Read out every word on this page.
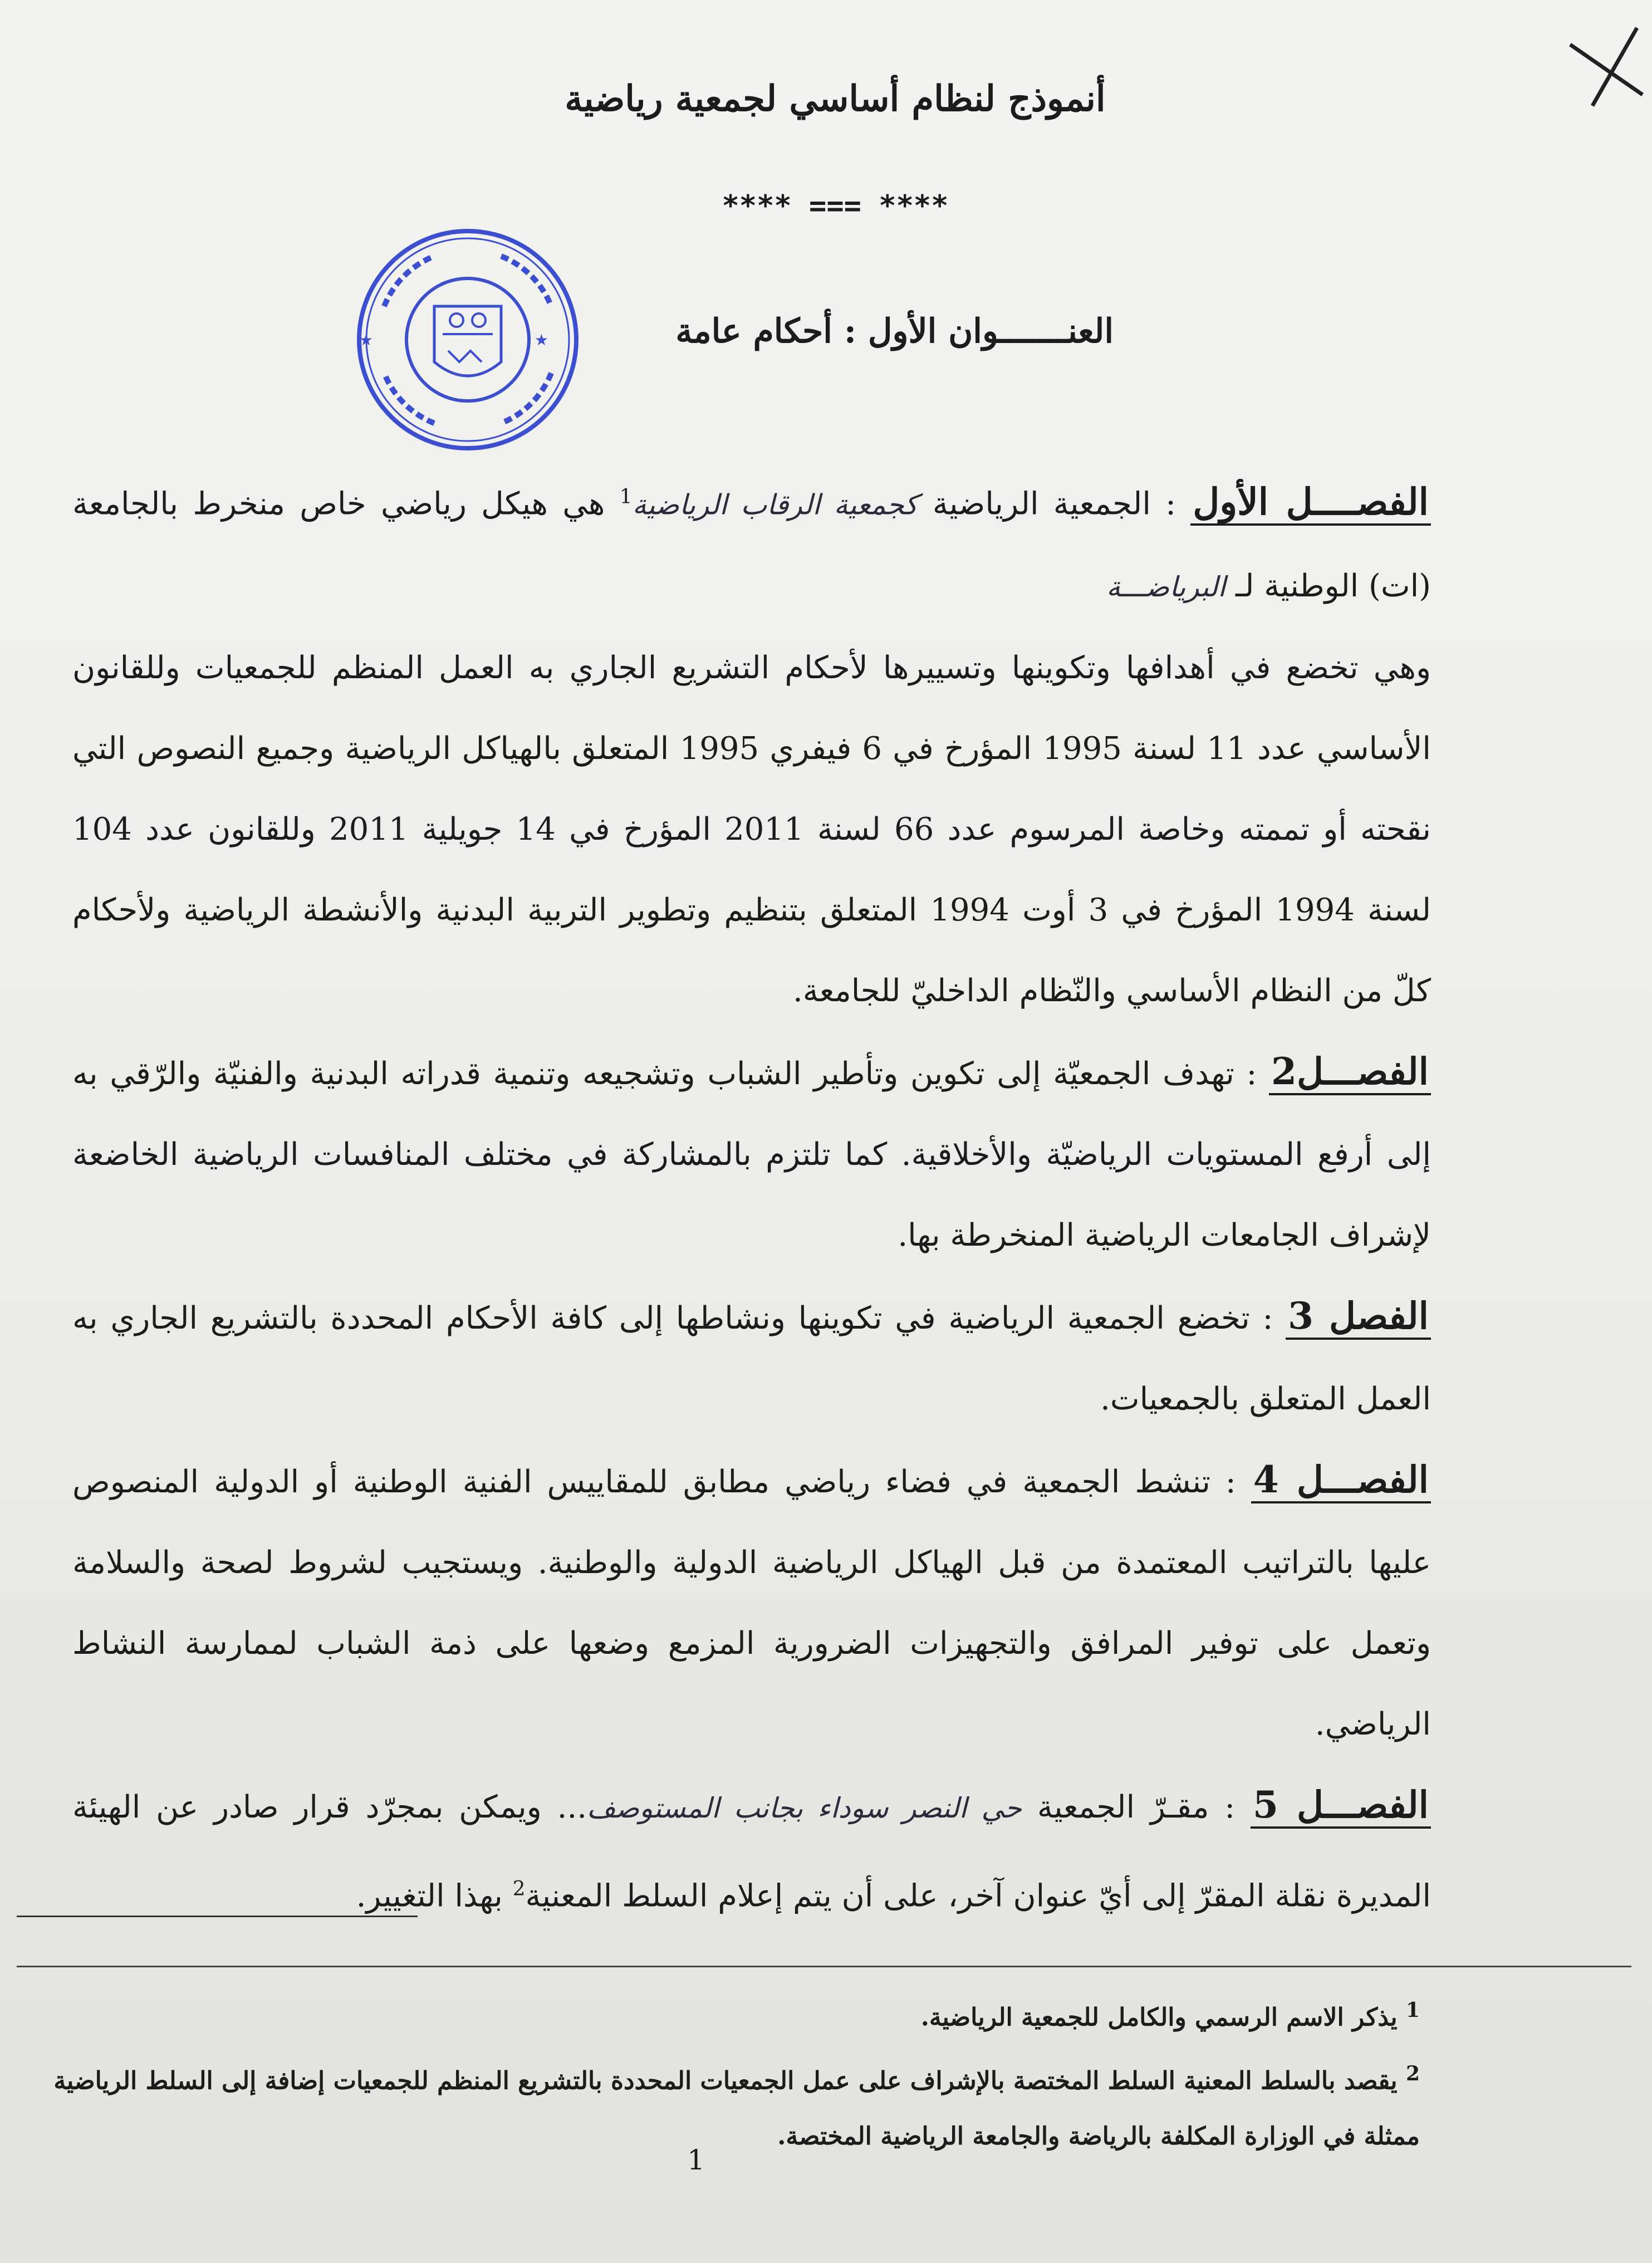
أنموذج لنظام أساسي لجمعية رياضية
**** === ****
★	★	العنـــــــوان الأول : أحكام عامة

الفصــــل الأول : الجمعية الرياضية كجمعية الرقاب الرياضية$^1$ هي هيكل رياضي خاص منخرط بالجامعة (ات) الوطنية لـ البرياضـــة

وهي تخضع في أهدافها وتكوينها وتسييرها لأحكام التشريع الجاري به العمل المنظم للجمعيات وللقانون الأساسي عدد 11 لسنة 1995 المؤرخ في 6 فيفري 1995 المتعلق بالهياكل الرياضية وجميع النصوص التي نقحته أو تممته وخاصة المرسوم عدد 66 لسنة 2011 المؤرخ في 14 جويلية 2011 وللقانون عدد 104 لسنة 1994 المؤرخ في 3 أوت 1994 المتعلق بتنظيم وتطوير التربية البدنية والأنشطة الرياضية ولأحكام كلّ من النظام الأساسي والنّظام الداخليّ للجامعة.

الفصـــل2 : تهدف الجمعيّة إلى تكوين وتأطير الشباب وتشجيعه وتنمية قدراته البدنية والفنيّة والرّقي به إلى أرفع المستويات الرياضيّة والأخلاقية. كما تلتزم بالمشاركة في مختلف المنافسات الرياضية الخاضعة لإشراف الجامعات الرياضية المنخرطة بها.

الفصل 3 : تخضع الجمعية الرياضية في تكوينها ونشاطها إلى كافة الأحكام المحددة بالتشريع الجاري به العمل المتعلق بالجمعيات.

الفصـــل 4 : تنشط الجمعية في فضاء رياضي مطابق للمقاييس الفنية الوطنية أو الدولية المنصوص عليها بالتراتيب المعتمدة من قبل الهياكل الرياضية الدولية والوطنية. ويستجيب لشروط لصحة والسلامة وتعمل على توفير المرافق والتجهيزات الضرورية المزمع وضعها على ذمة الشباب لممارسة النشاط الرياضي.

الفصـــل 5 : مقـرّ الجمعية حي النصر سوداء بجانب المستوصف... ويمكن بمجرّد قرار صادر عن الهيئة المديرة نقلة المقرّ إلى أيّ عنوان آخر، على أن يتم إعلام السلط المعنية$^2$ بهذا التغيير.

$^1$ يذكر الاسم الرسمي والكامل للجمعية الرياضية.

$^2$ يقصد بالسلط المعنية السلط المختصة بالإشراف على عمل الجمعيات المحددة بالتشريع المنظم للجمعيات إضافة إلى السلط الرياضية ممثلة في الوزارة المكلفة بالرياضة والجامعة الرياضية المختصة.

1
